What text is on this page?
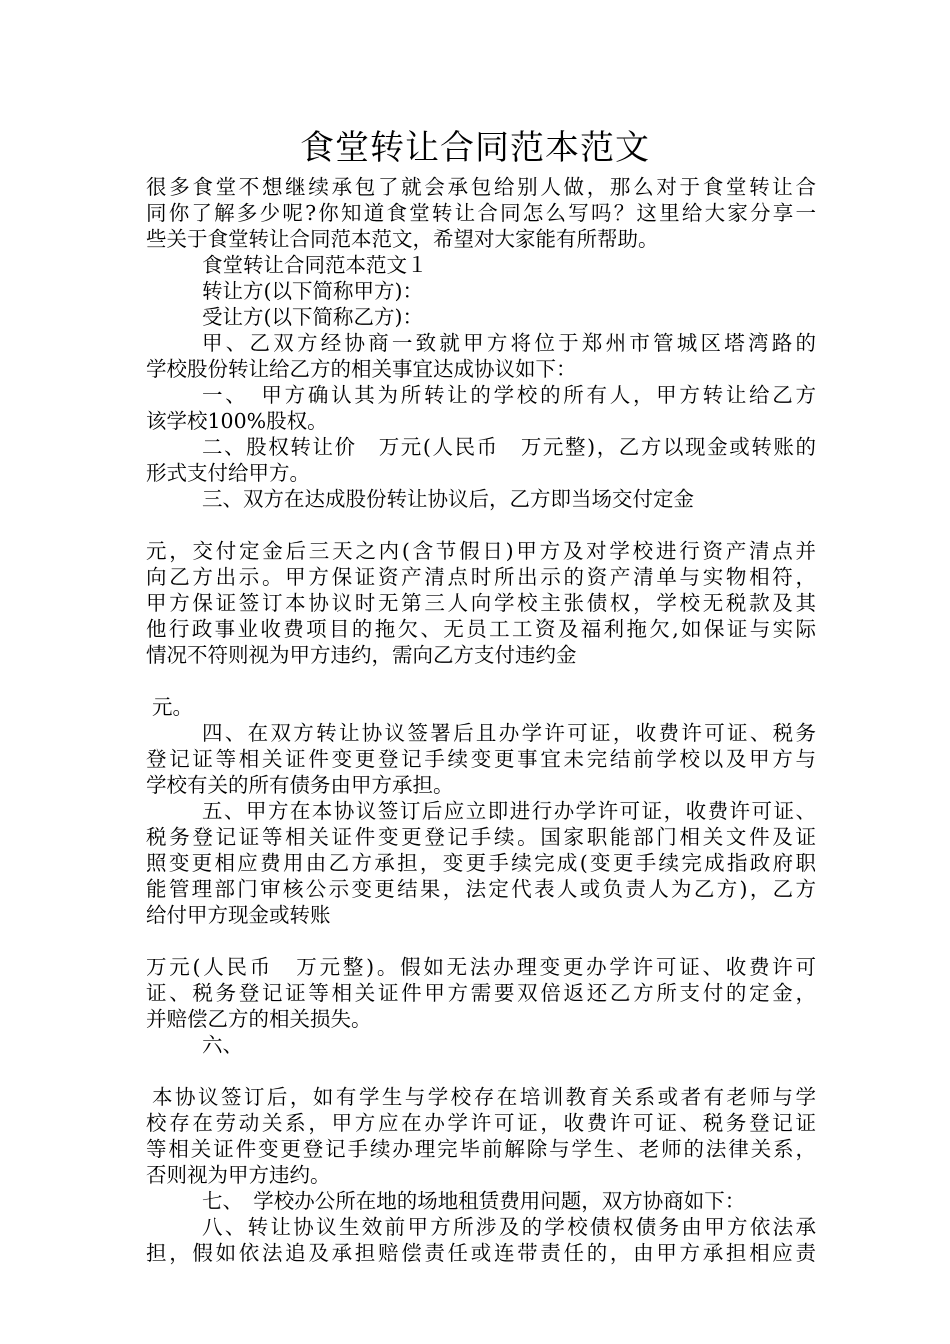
食堂转让合同范本范文
很多食堂不想继续承包了就会承包给别人做，那么对于食堂转让合
同你了解多少呢?你知道食堂转让合同怎么写吗？这里给大家分享一
些关于食堂转让合同范本范文，希望对大家能有所帮助。
食堂转让合同范本范文１
转让方(以下简称甲方)：
受让方(以下简称乙方)：
甲、乙双方经协商一致就甲方将位于郑州市管城区塔湾路的
学校股份转让给乙方的相关事宜达成协议如下：
一、　甲方确认其为所转让的学校的所有人，甲方转让给乙方
该学校100%股权。
二、股权转让价　万元(人民币　万元整)，乙方以现金或转账的
形式支付给甲方。
三、双方在达成股份转让协议后，乙方即当场交付定金
元，交付定金后三天之内(含节假日)甲方及对学校进行资产清点并
向乙方出示。甲方保证资产清点时所出示的资产清单与实物相符，
甲方保证签订本协议时无第三人向学校主张债权，学校无税款及其
他行政事业收费项目的拖欠、无员工工资及福利拖欠,如保证与实际
情况不符则视为甲方违约，需向乙方支付违约金
元。
四、在双方转让协议签署后且办学许可证，收费许可证、税务
登记证等相关证件变更登记手续变更事宜未完结前学校以及甲方与
学校有关的所有债务由甲方承担。
五、甲方在本协议签订后应立即进行办学许可证，收费许可证、
税务登记证等相关证件变更登记手续。国家职能部门相关文件及证
照变更相应费用由乙方承担，变更手续完成(变更手续完成指政府职
能管理部门审核公示变更结果，法定代表人或负责人为乙方)，乙方
给付甲方现金或转账
万元(人民币　万元整)。假如无法办理变更办学许可证、收费许可
证、税务登记证等相关证件甲方需要双倍返还乙方所支付的定金，
并赔偿乙方的相关损失。
六、
本协议签订后，如有学生与学校存在培训教育关系或者有老师与学
校存在劳动关系，甲方应在办学许可证，收费许可证、税务登记证
等相关证件变更登记手续办理完毕前解除与学生、老师的法律关系，
否则视为甲方违约。
七、　学校办公所在地的场地租赁费用问题，双方协商如下：
八、转让协议生效前甲方所涉及的学校债权债务由甲方依法承
担，假如依法追及承担赔偿责任或连带责任的，由甲方承担相应责
